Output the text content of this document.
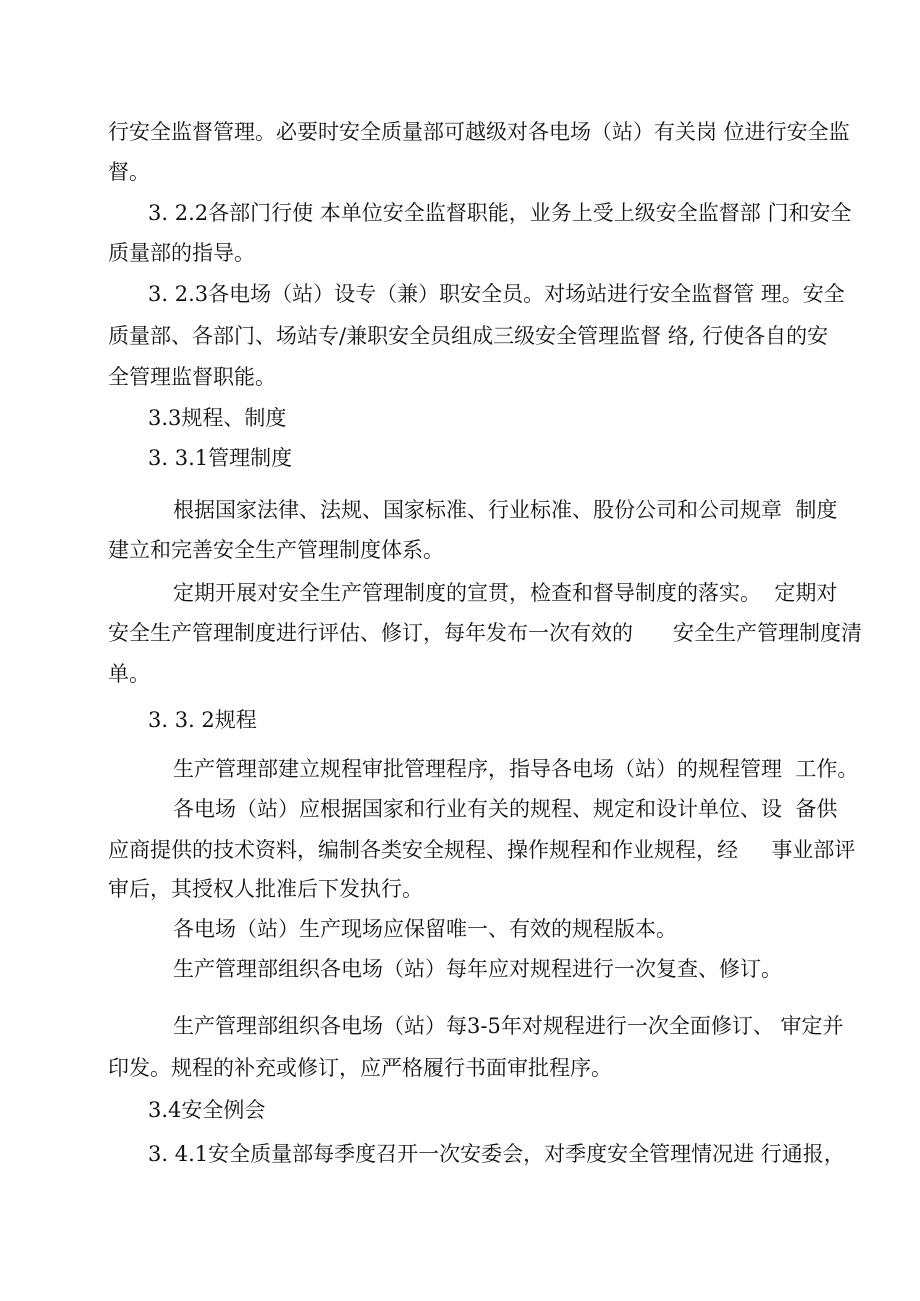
行安全监督管理。必要时安全质量部可越级对各电场（站）有关岗 位进行安全监

督。

3. 2.2各部门行使 本单位安全监督职能，业务上受上级安全监督部 门和安全

质量部的指导。

3. 2.3各电场（站）设专（兼）职安全员。对场站进行安全监督管 理。安全

质量部、各部门、场站专/兼职安全员组成三级安全管理监督 络, 行使各自的安

全管理监督职能。

3.3规程、制度

3. 3.1管理制度

根据国家法律、法规、国家标准、行业标准、股份公司和公司规章  制度

建立和完善安全生产管理制度体系。

定期开展对安全生产管理制度的宣贯，检查和督导制度的落实。  定期对

安全生产管理制度进行评估、修订，每年发布一次有效的      安全生产管理制度清

单。

3. 3. 2规程

生产管理部建立规程审批管理程序，指导各电场（站）的规程管理  工作。

各电场（站）应根据国家和行业有关的规程、规定和设计单位、设  备供

应商提供的技术资料，编制各类安全规程、操作规程和作业规程，经     事业部评

审后，其授权人批准后下发执行。

各电场（站）生产现场应保留唯一、有效的规程版本。

生产管理部组织各电场（站）每年应对规程进行一次复查、修订。

生产管理部组织各电场（站）每3-5年对规程进行一次全面修订、 审定并

印发。规程的补充或修订，应严格履行书面审批程序。

3.4安全例会

3. 4.1安全质量部每季度召开一次安委会，对季度安全管理情况进 行通报，
